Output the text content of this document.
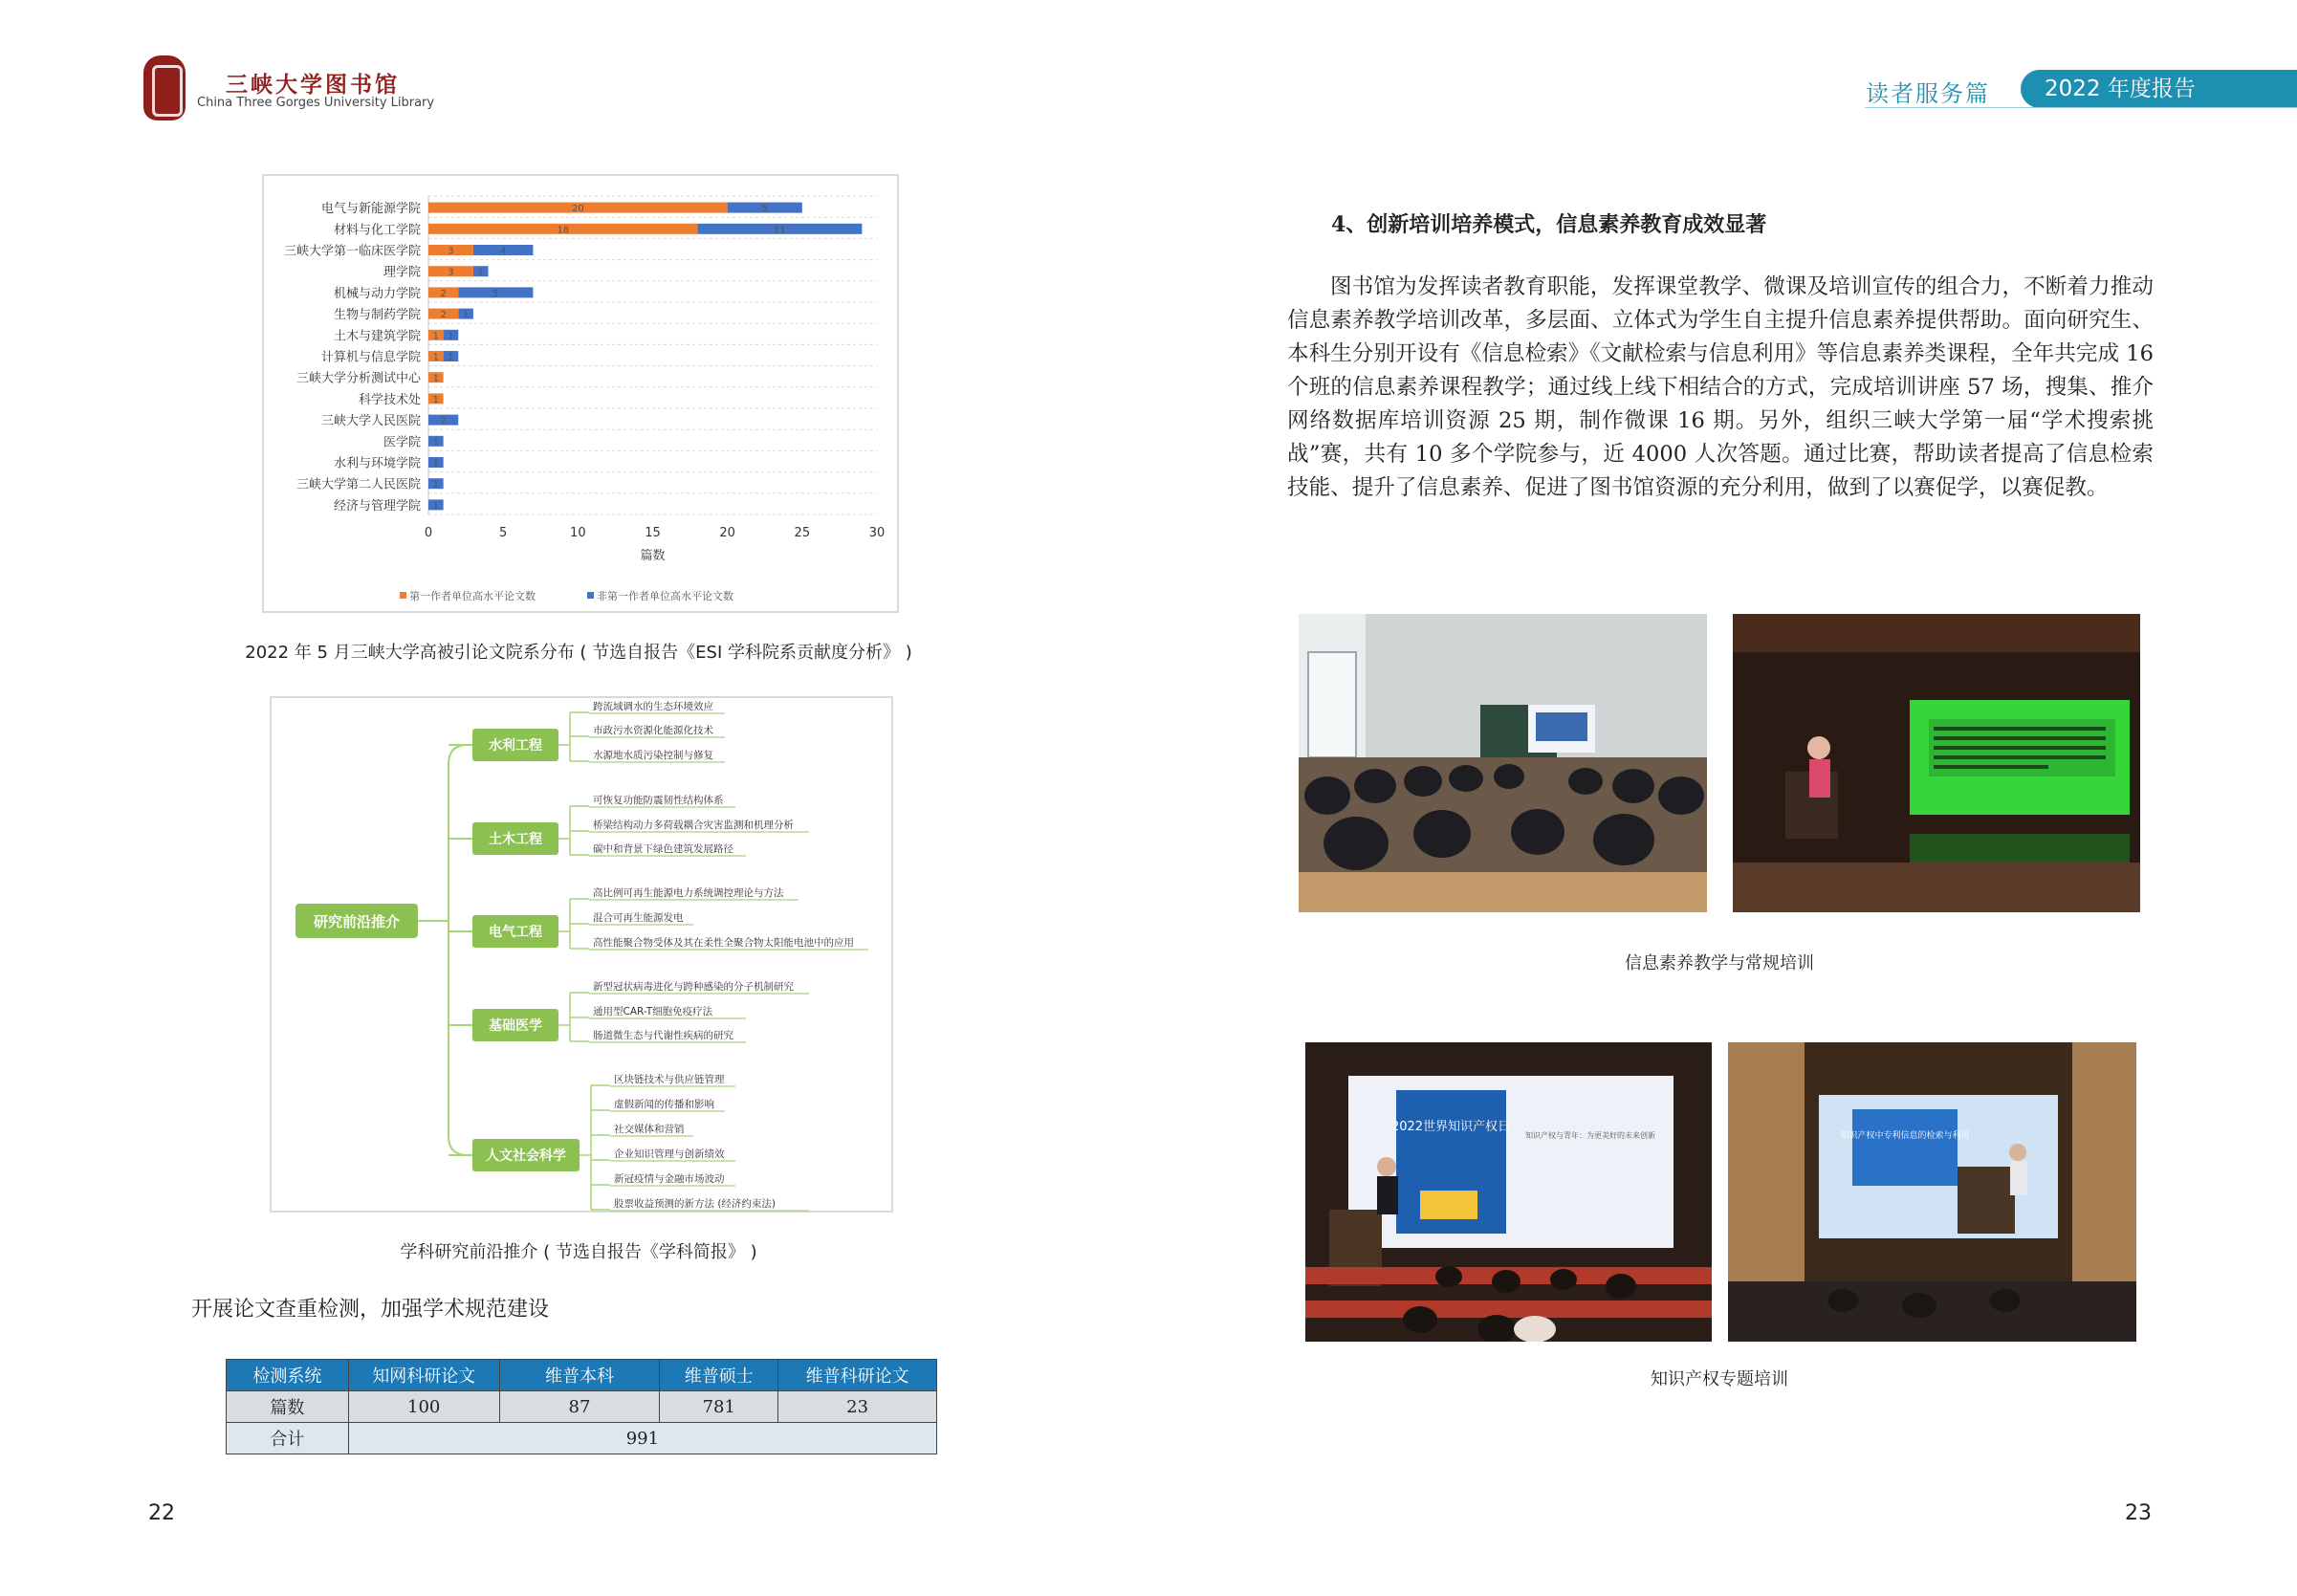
三峡大学图书馆
China Three Gorges University Library	读者服务篇	2022 年度报告
电气与新能源学院	20	5
材料与化工学院	18	11
三峡大学第一临床医学院	3	4
理学院	3 1
机械与动力学院 2	5
生物与制药学院 2 1
土木与建筑学院 1 1
计算机与信息学院 1 1
三峡大学分析测试中心 1
科学技术处 1
三峡大学人民医院 2
医学院 1
水利与环境学院 1
三峡大学第二人民医院 1
经济与管理学院 1
0	5	10	15	20	25	30
篇数
第一作者单位高水平论文数	非第一作者单位高水平论文数
2022 年 5 月三峡大学高被引论文院系分布 ( 节选自报告《ESI 学科院系贡献度分析》 )
研究前沿推介
水利工程
跨流域调水的生态环境效应
市政污水资源化能源化技术
水源地水质污染控制与修复
土木工程
可恢复功能防震韧性结构体系
桥梁结构动力多荷载耦合灾害监测和机理分析
碳中和背景下绿色建筑发展路径
电气工程
高比例可再生能源电力系统调控理论与方法
混合可再生能源发电
高性能聚合物受体及其在柔性全聚合物太阳能电池中的应用
基础医学
新型冠状病毒进化与跨种感染的分子机制研究
通用型CAR-T细胞免疫疗法
肠道微生态与代谢性疾病的研究
人文社会科学
区块链技术与供应链管理
虚假新闻的传播和影响
社交媒体和营销
企业知识管理与创新绩效
新冠疫情与金融市场波动
股票收益预测的新方法 (经济约束法)
学科研究前沿推介 ( 节选自报告《学科简报》 )
开展论文查重检测，加强学术规范建设
检测系统	知网科研论文	维普本科	维普硕士	维普科研论文
篇数	100	87	781	23
合计	991			
22
4、创新培训培养模式，信息素养教育成效显著

图书馆为发挥读者教育职能，发挥课堂教学、微课及培训宣传的组合力，不断着力推动信息素养教学培训改革，多层面、立体式为学生自主提升信息素养提供帮助。面向研究生、本科生分别开设有《信息检索》《文献检索与信息利用》等信息素养类课程，全年共完成 16 个班的信息素养课程教学；通过线上线下相结合的方式，完成培训讲座 57 场，搜集、推介网络数据库培训资源 25 期，制作微课 16 期。另外，组织三峡大学第一届“学术搜索挑战”赛，共有 10 多个学院参与，近 4000 人次答题。通过比赛，帮助读者提高了信息检索技能、提升了信息素养、促进了图书馆资源的充分利用，做到了以赛促学，以赛促教。

信息素养教学与常规培训
2022世界知识产权日
知识产权与青年：为更美好的未来创新	知识产权中专利信息的检索与利用
知识产权专题培训
23
